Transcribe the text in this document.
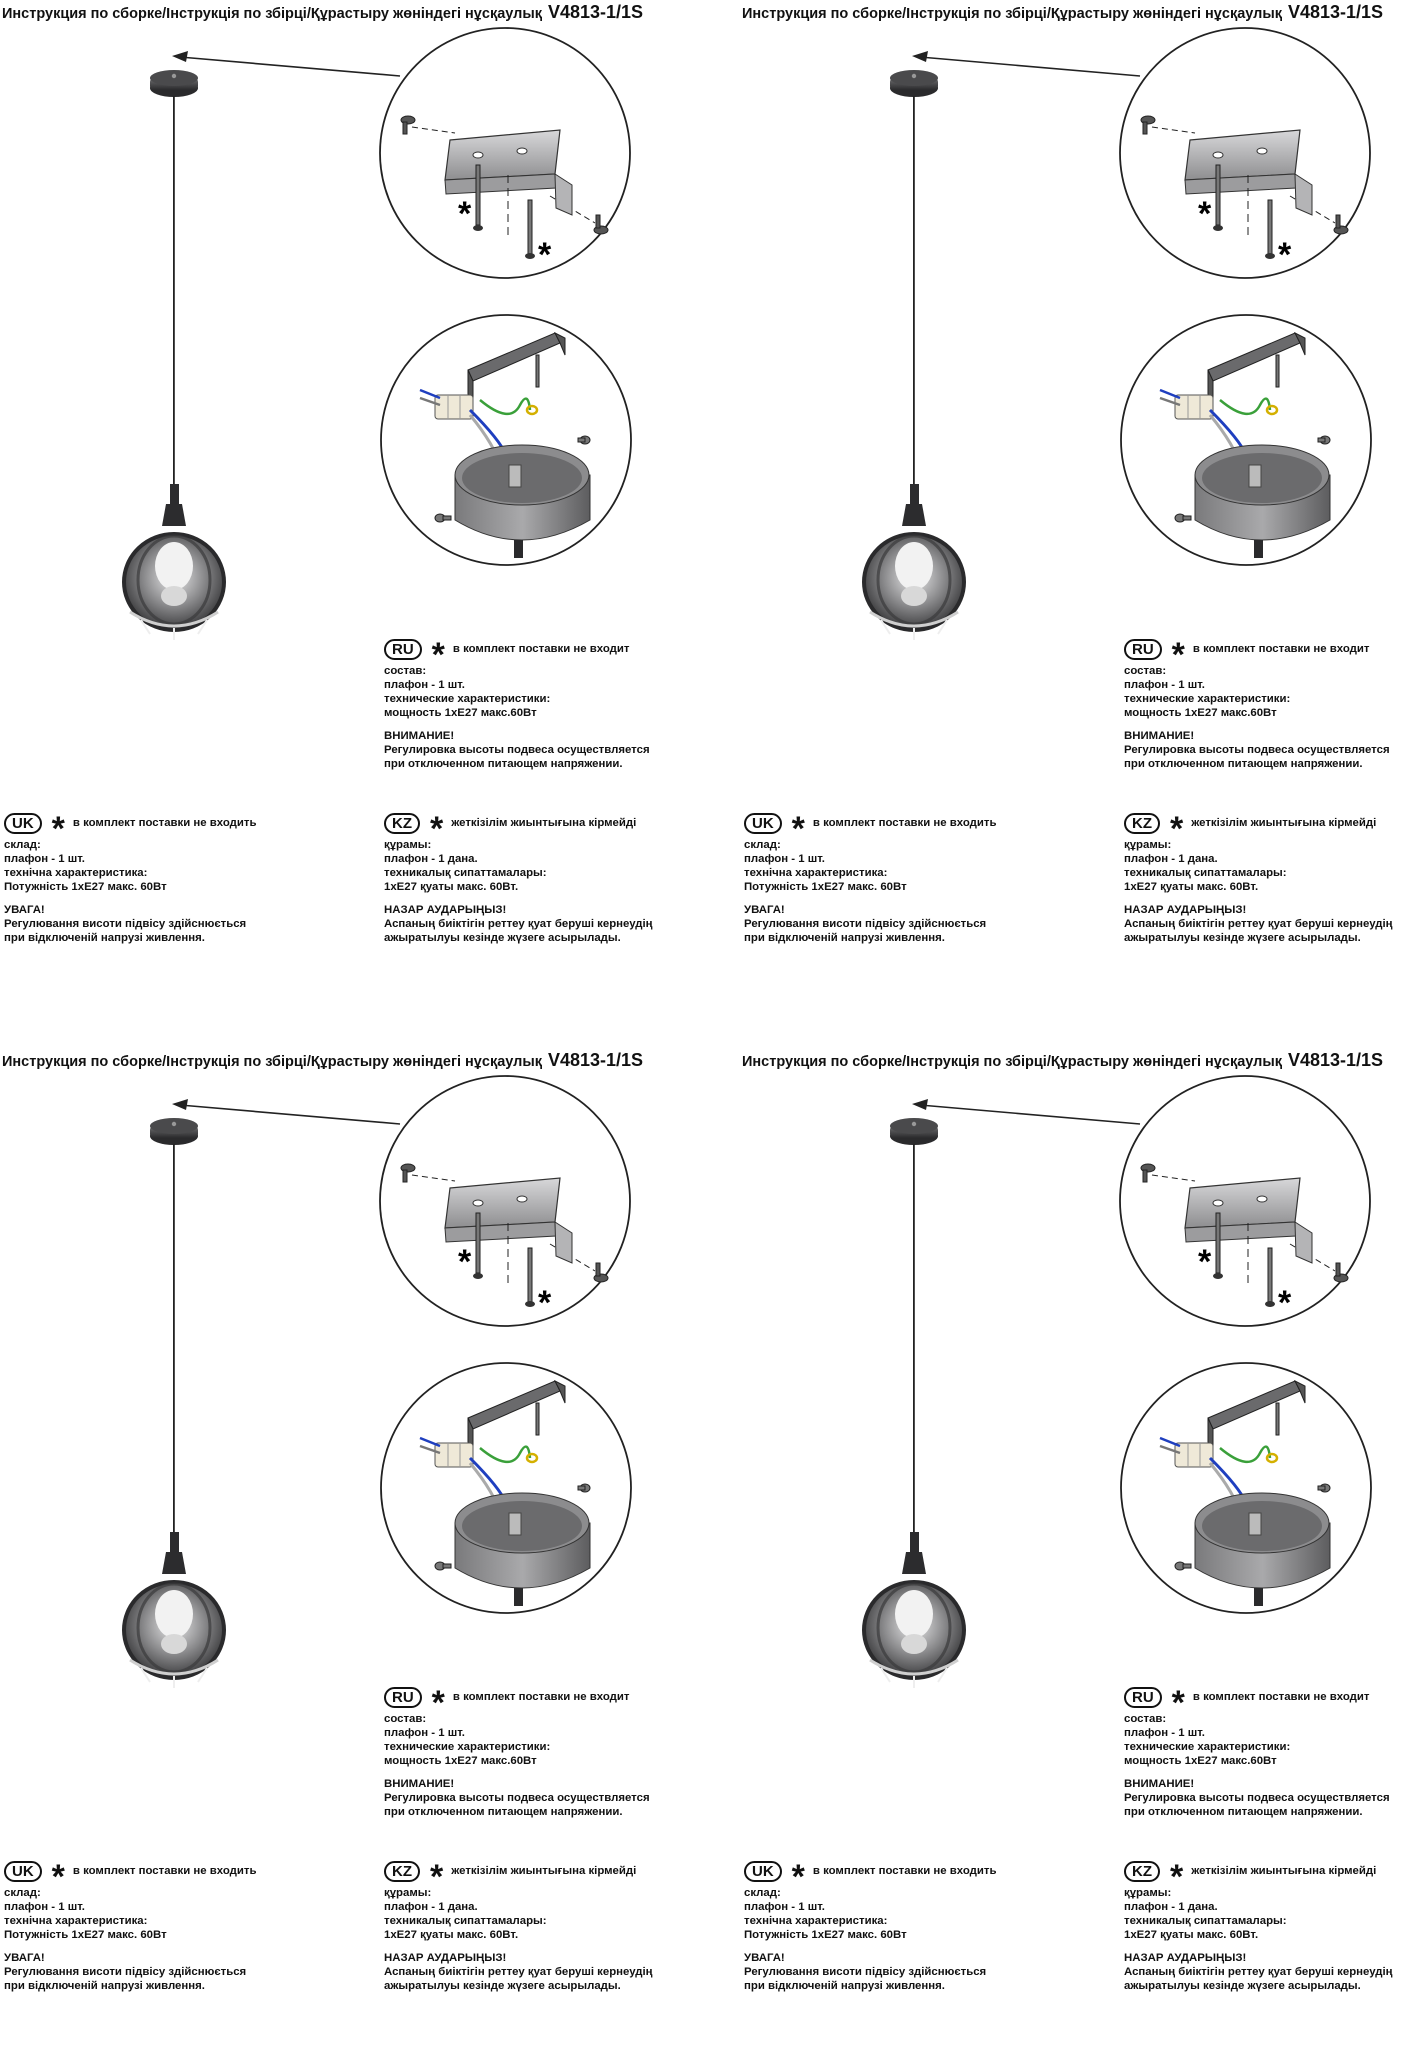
Инструкция по сборке/Інструкція по збірці/Құрастыру жөніндегі нұсқаулық V4813-1/1S
*
*
RU * в комплект поставки не входит
состав:
плафон - 1 шт.
технические характеристики:
мощность 1хЕ27 макс.60Вт
ВНИМАНИЕ!
Регулировка высоты подвеса осуществляется
при отключенном питающем напряжении.
UK * в комплект поставки не входить
склад:
плафон - 1 шт.
технічна характеристика:
Потужність 1хЕ27 макс. 60Вт
УВАГА!
Регулювання висоти підвісу здійснюється
при відключеній напрузі живлення.
KZ * жеткізілім жиынтығына кірмейді
құрамы:
плафон - 1 дана.
техникалық сипаттамалары:
1хЕ27 қуаты макс. 60Вт.
НАЗАР АУДАРЫҢЫЗ!
Аспаның биіктігін реттеу қуат беруші кернеудің
ажыратылуы кезінде жүзеге асырылады.
Инструкция по сборке/Інструкція по збірці/Құрастыру жөніндегі нұсқаулық V4813-1/1S
*
*
RU * в комплект поставки не входит
состав:
плафон - 1 шт.
технические характеристики:
мощность 1хЕ27 макс.60Вт
ВНИМАНИЕ!
Регулировка высоты подвеса осуществляется
при отключенном питающем напряжении.
UK * в комплект поставки не входить
склад:
плафон - 1 шт.
технічна характеристика:
Потужність 1хЕ27 макс. 60Вт
УВАГА!
Регулювання висоти підвісу здійснюється
при відключеній напрузі живлення.
KZ * жеткізілім жиынтығына кірмейді
құрамы:
плафон - 1 дана.
техникалық сипаттамалары:
1хЕ27 қуаты макс. 60Вт.
НАЗАР АУДАРЫҢЫЗ!
Аспаның биіктігін реттеу қуат беруші кернеудің
ажыратылуы кезінде жүзеге асырылады.
Инструкция по сборке/Інструкція по збірці/Құрастыру жөніндегі нұсқаулық V4813-1/1S
*
*
RU * в комплект поставки не входит
состав:
плафон - 1 шт.
технические характеристики:
мощность 1хЕ27 макс.60Вт
ВНИМАНИЕ!
Регулировка высоты подвеса осуществляется
при отключенном питающем напряжении.
UK * в комплект поставки не входить
склад:
плафон - 1 шт.
технічна характеристика:
Потужність 1хЕ27 макс. 60Вт
УВАГА!
Регулювання висоти підвісу здійснюється
при відключеній напрузі живлення.
KZ * жеткізілім жиынтығына кірмейді
құрамы:
плафон - 1 дана.
техникалық сипаттамалары:
1хЕ27 қуаты макс. 60Вт.
НАЗАР АУДАРЫҢЫЗ!
Аспаның биіктігін реттеу қуат беруші кернеудің
ажыратылуы кезінде жүзеге асырылады.
Инструкция по сборке/Інструкція по збірці/Құрастыру жөніндегі нұсқаулық V4813-1/1S
*
*
RU * в комплект поставки не входит
состав:
плафон - 1 шт.
технические характеристики:
мощность 1хЕ27 макс.60Вт
ВНИМАНИЕ!
Регулировка высоты подвеса осуществляется
при отключенном питающем напряжении.
UK * в комплект поставки не входить
склад:
плафон - 1 шт.
технічна характеристика:
Потужність 1хЕ27 макс. 60Вт
УВАГА!
Регулювання висоти підвісу здійснюється
при відключеній напрузі живлення.
KZ * жеткізілім жиынтығына кірмейді
құрамы:
плафон - 1 дана.
техникалық сипаттамалары:
1хЕ27 қуаты макс. 60Вт.
НАЗАР АУДАРЫҢЫЗ!
Аспаның биіктігін реттеу қуат беруші кернеудің
ажыратылуы кезінде жүзеге асырылады.
